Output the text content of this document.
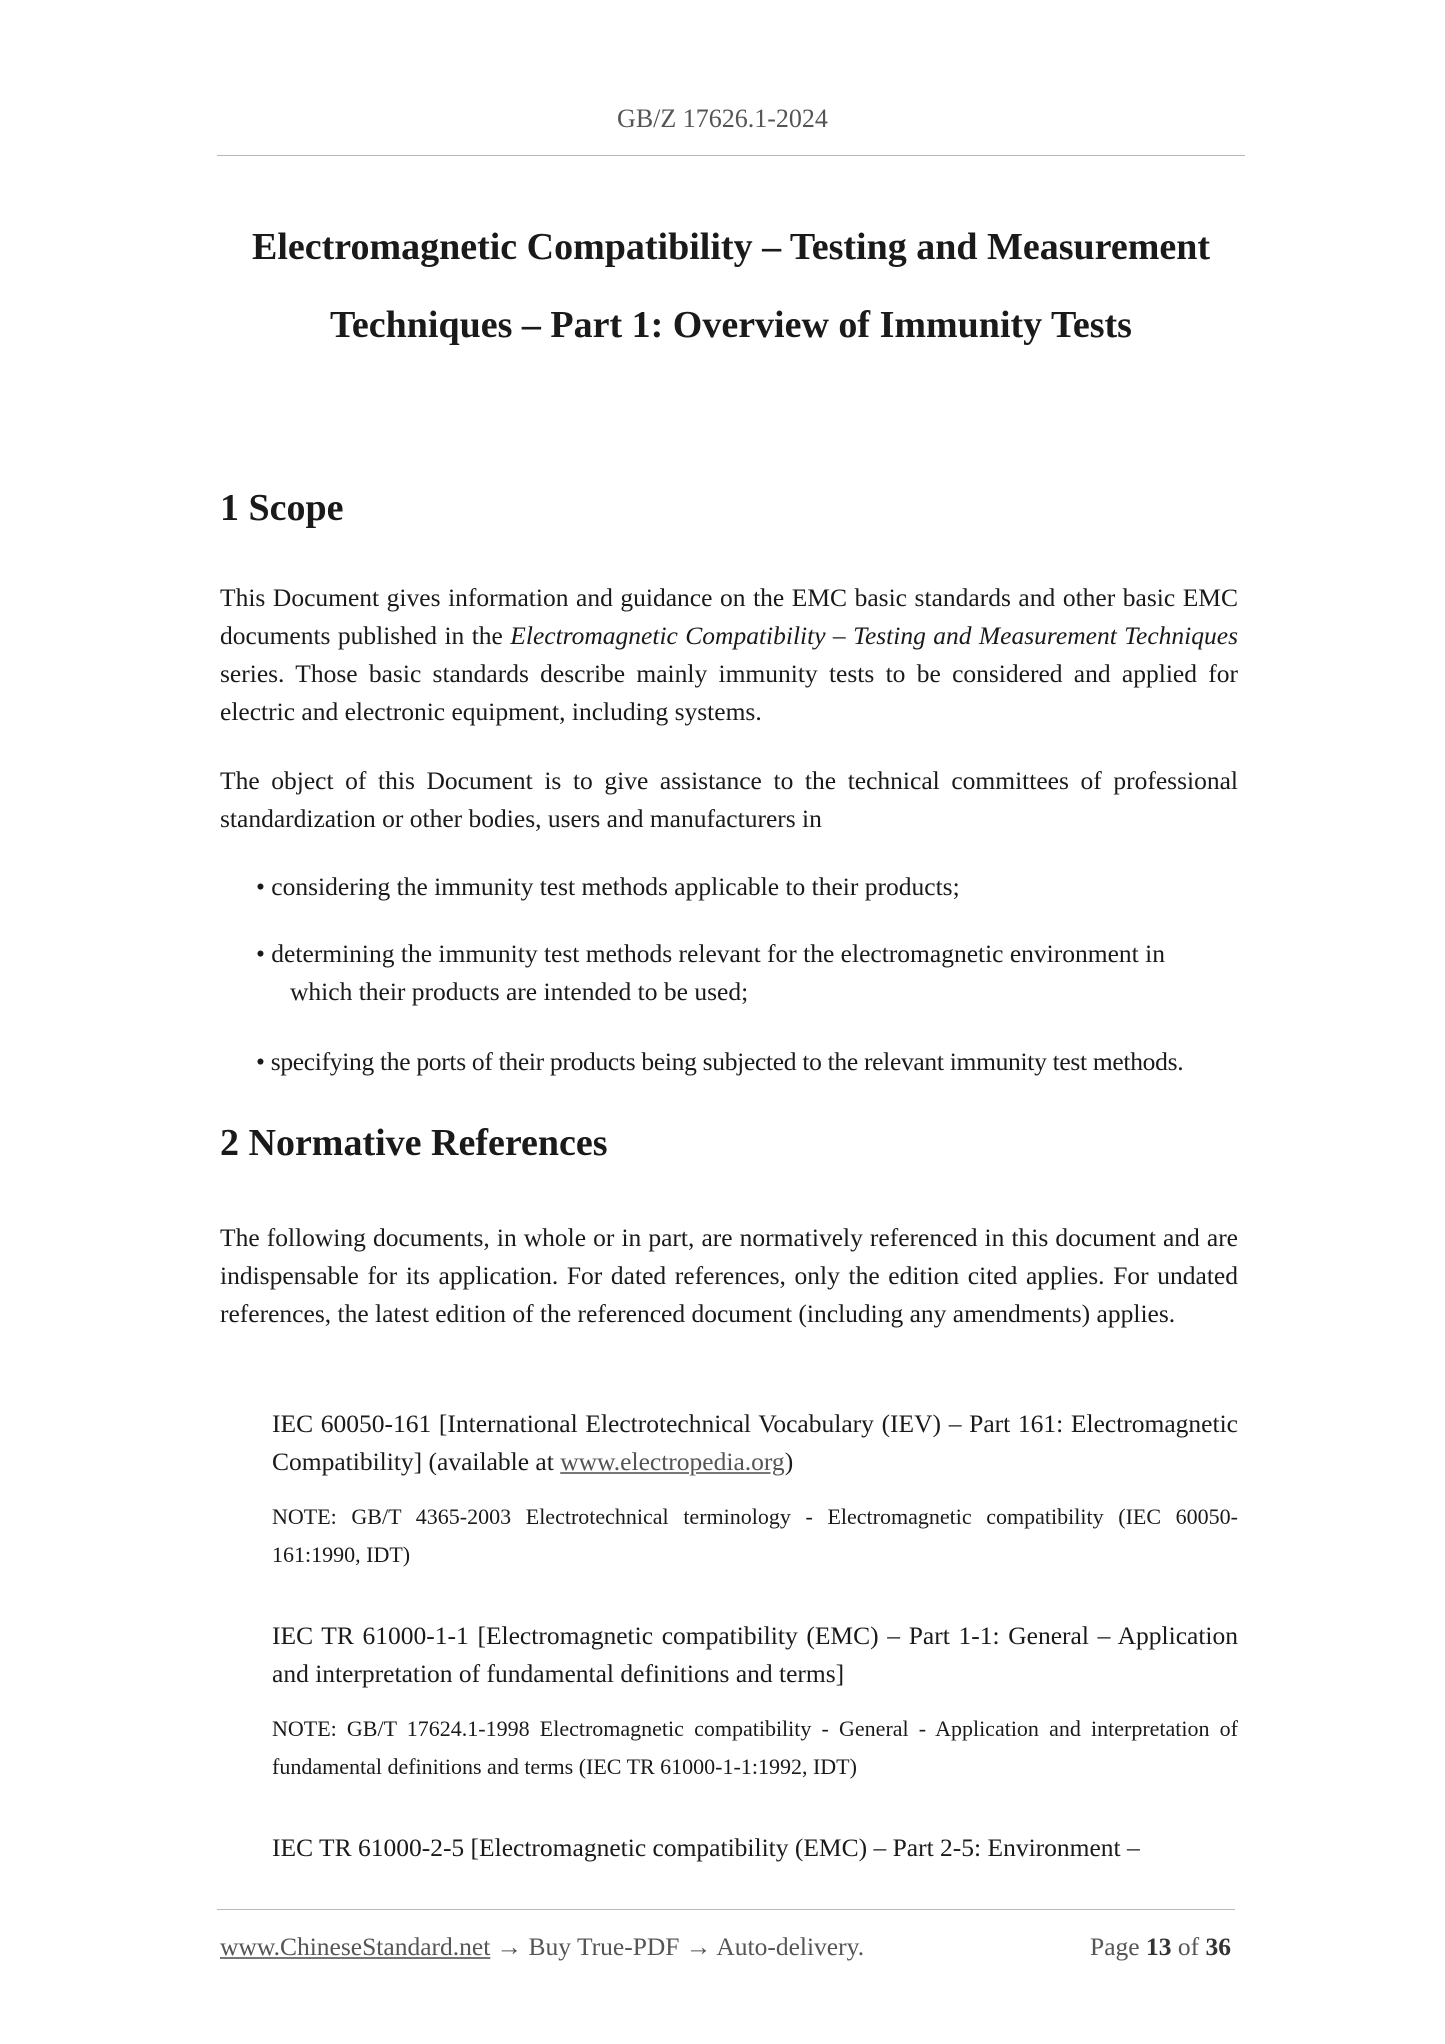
GB/Z 17626.1-2024
Electromagnetic Compatibility – Testing and Measurement
Techniques – Part 1: Overview of Immunity Tests
1 Scope

This Document gives information and guidance on the EMC basic standards and other basic EMC documents published in the Electromagnetic Compatibility – Testing and Measurement Techniques series. Those basic standards describe mainly immunity tests to be considered and applied for electric and electronic equipment, including systems.

The object of this Document is to give assistance to the technical committees of professional standardization or other bodies, users and manufacturers in

• considering the immunity test methods applicable to their products;

• determining the immunity test methods relevant for the electromagnetic environment in
which their products are intended to be used;

• specifying the ports of their products being subjected to the relevant immunity test methods.

2 Normative References

The following documents, in whole or in part, are normatively referenced in this document and are indispensable for its application. For dated references, only the edition cited applies. For undated references, the latest edition of the referenced document (including any amendments) applies.

IEC 60050-161 [International Electrotechnical Vocabulary (IEV) – Part 161: Electromagnetic Compatibility] (available at www.electropedia.org)

NOTE: GB/T 4365-2003 Electrotechnical terminology - Electromagnetic compatibility (IEC 60050-161:1990, IDT)

IEC TR 61000-1-1 [Electromagnetic compatibility (EMC) – Part 1-1: General – Application and interpretation of fundamental definitions and terms]

NOTE: GB/T 17624.1-1998 Electromagnetic compatibility - General - Application and interpretation of fundamental definitions and terms (IEC TR 61000-1-1:1992, IDT)

IEC TR 61000-2-5 [Electromagnetic compatibility (EMC) – Part 2-5: Environment –

www.ChineseStandard.net → Buy True-PDF → Auto-delivery.	Page 13 of 36
